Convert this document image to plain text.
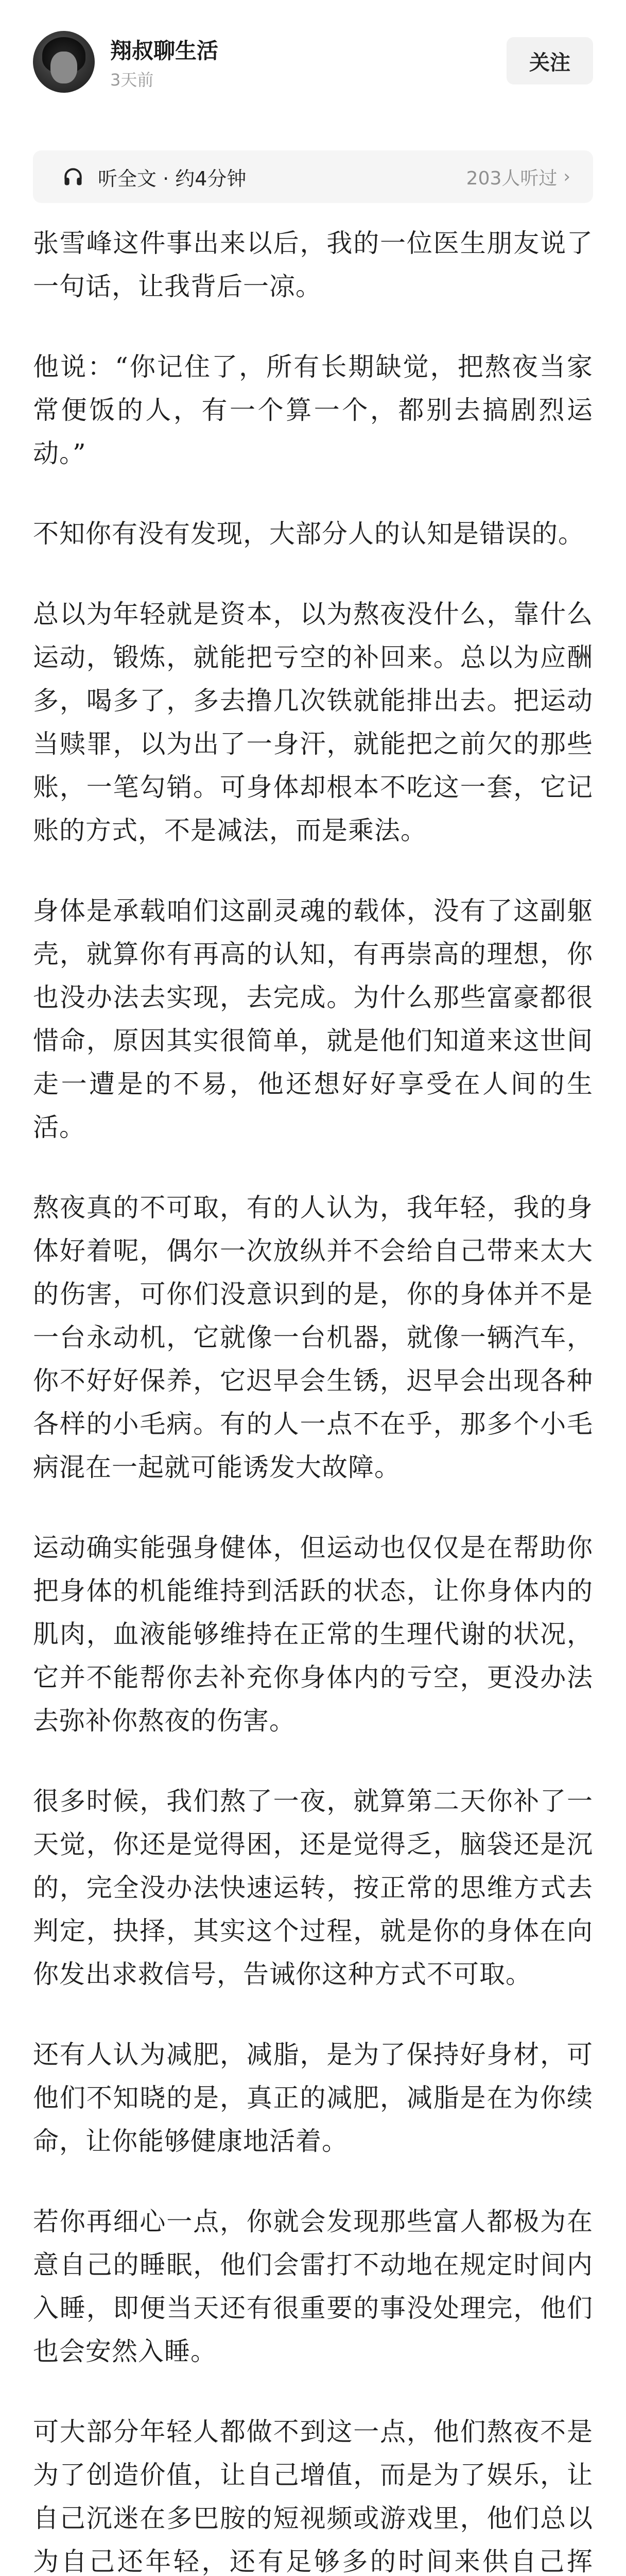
翔叔聊生活
3天前
关注
听全文 · 约4分钟	203人听过 ›

张雪峰这件事出来以后，我的一位医生朋友说了一句话，让我背后一凉。

他说：“你记住了，所有长期缺觉，把熬夜当家常便饭的人，有一个算一个，都别去搞剧烈运动。”

不知你有没有发现，大部分人的认知是错误的。

总以为年轻就是资本，以为熬夜没什么，靠什么运动，锻炼，就能把亏空的补回来。总以为应酬多，喝多了，多去撸几次铁就能排出去。把运动当赎罪，以为出了一身汗，就能把之前欠的那些账，一笔勾销。可身体却根本不吃这一套，它记账的方式，不是减法，而是乘法。

身体是承载咱们这副灵魂的载体，没有了这副躯壳，就算你有再高的认知，有再崇高的理想，你也没办法去实现，去完成。为什么那些富豪都很惜命，原因其实很简单，就是他们知道来这世间走一遭是的不易，他还想好好享受在人间的生活。

熬夜真的不可取，有的人认为，我年轻，我的身体好着呢，偶尔一次放纵并不会给自己带来太大的伤害，可你们没意识到的是，你的身体并不是一台永动机，它就像一台机器，就像一辆汽车，你不好好保养，它迟早会生锈，迟早会出现各种各样的小毛病。有的人一点不在乎，那多个小毛病混在一起就可能诱发大故障。

运动确实能强身健体，但运动也仅仅是在帮助你把身体的机能维持到活跃的状态，让你身体内的肌肉，血液能够维持在正常的生理代谢的状况，它并不能帮你去补充你身体内的亏空，更没办法去弥补你熬夜的伤害。

很多时候，我们熬了一夜，就算第二天你补了一天觉，你还是觉得困，还是觉得乏，脑袋还是沉的，完全没办法快速运转，按正常的思维方式去判定，抉择，其实这个过程，就是你的身体在向你发出求救信号，告诫你这种方式不可取。

还有人认为减肥，减脂，是为了保持好身材，可他们不知晓的是，真正的减肥，减脂是在为你续命，让你能够健康地活着。

若你再细心一点，你就会发现那些富人都极为在意自己的睡眠，他们会雷打不动地在规定时间内入睡，即便当天还有很重要的事没处理完，他们也会安然入睡。

可大部分年轻人都做不到这一点，他们熬夜不是为了创造价值，让自己增值，而是为了娱乐，让自己沉迷在多巴胺的短视频或游戏里，他们总以为自己还年轻，还有足够多的时间来供自己挥
